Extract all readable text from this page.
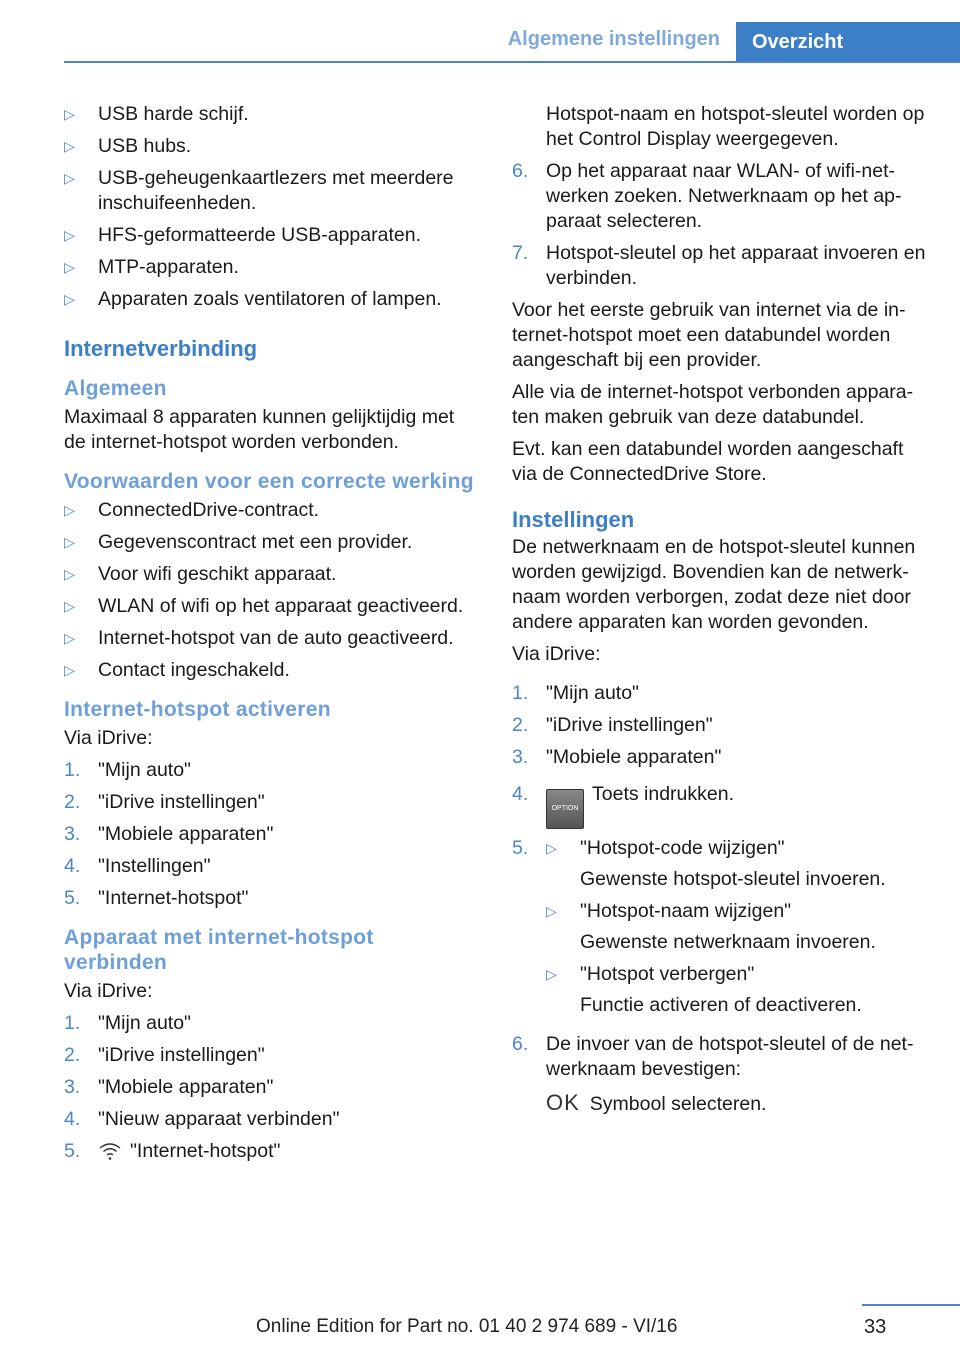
Algemene instellingen Overzicht
▷	USB harde schijf.
▷	USB hubs.
▷	USB-geheugenkaartlezers met meerdere inschuifeenheden.
▷	HFS-geformatteerde USB-apparaten.
▷	MTP-apparaten.
▷	Apparaten zoals ventilatoren of lampen.
Internetverbinding
Algemeen

Maximaal 8 apparaten kunnen gelijktijdig met de internet-hotspot worden verbonden.

Voorwaarden voor een correcte werking
▷	ConnectedDrive-contract.
▷	Gegevenscontract met een provider.
▷	Voor wifi geschikt apparaat.
▷	WLAN of wifi op het apparaat geactiveerd.
▷	Internet-hotspot van de auto geactiveerd.
▷	Contact ingeschakeld.
Internet-hotspot activeren

Via iDrive:

1. "Mijn auto"
2. "iDrive instellingen"
3. "Mobiele apparaten"
4. "Instellingen"
5. "Internet-hotspot"
Apparaat met internet-hotspot verbinden

Via iDrive:

1. "Mijn auto"
2. "iDrive instellingen"
3. "Mobiele apparaten"
4. "Nieuw apparaat verbinden"
5.	"Internet-hotspot"
Hotspot-naam en hotspot-sleutel worden op het Control Display weergegeven.
6. Op het apparaat naar WLAN- of wifi-netwerken zoeken. Netwerknaam op het apparaat selecteren.
7. Hotspot-sleutel op het apparaat invoeren en verbinden.

Voor het eerste gebruik van internet via de internet-hotspot moet een databundel worden aangeschaft bij een provider.

Alle via de internet-hotspot verbonden apparaten maken gebruik van deze databundel.

Evt. kan een databundel worden aangeschaft via de ConnectedDrive Store.

Instellingen

De netwerknaam en de hotspot-sleutel kunnen worden gewijzigd. Bovendien kan de netwerknaam worden verborgen, zodat deze niet door andere apparaten kan worden gevonden.

Via iDrive:

1. "Mijn auto"
2. "iDrive instellingen"
3. "Mobiele apparaten"
4.
OPTIONToets indrukken.
5.	▷	"Hotspot-code wijzigen"
Gewenste hotspot-sleutel invoeren.
▷	"Hotspot-naam wijzigen"
Gewenste netwerknaam invoeren.
▷	"Hotspot verbergen"
Functie activeren of deactiveren.
6. De invoer van de hotspot-sleutel of de netwerknaam bevestigen:
OK Symbool selecteren.
33
Online Edition for Part no. 01 40 2 974 689 - VI/16
